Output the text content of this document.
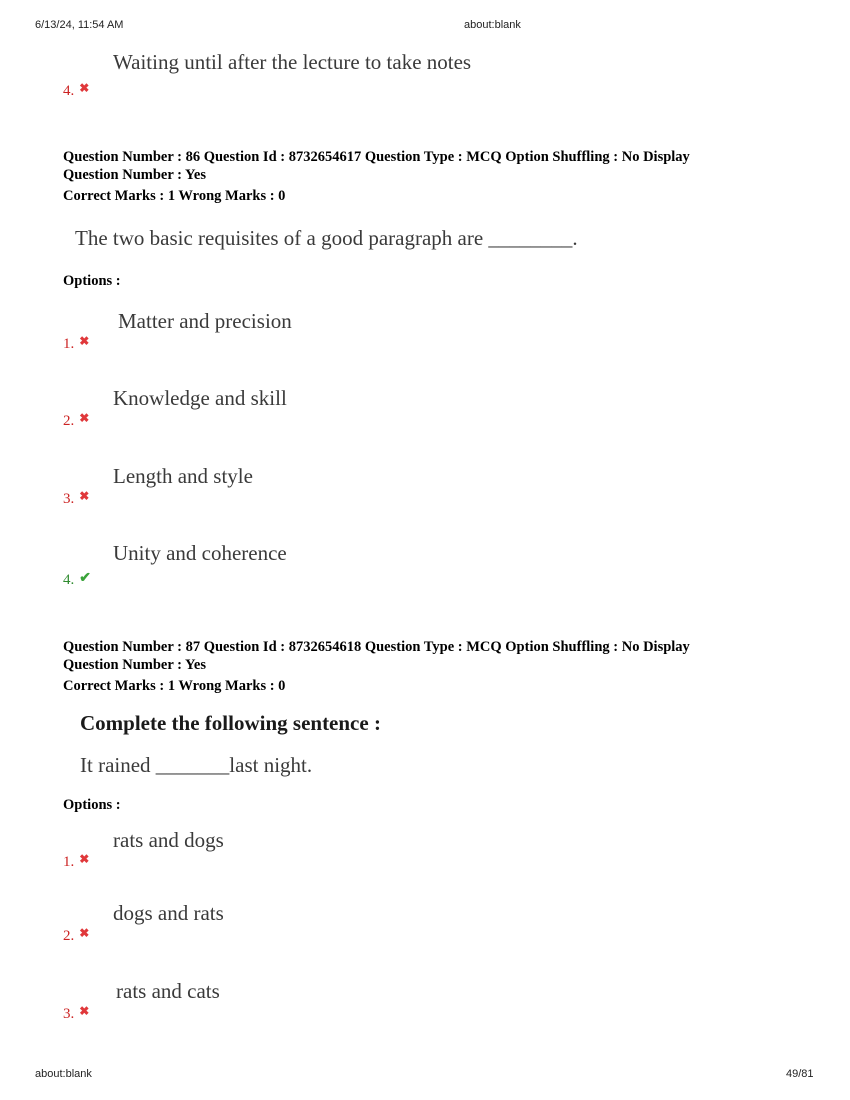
6/13/24, 11:54 AM	about:blank
Waiting until after the lecture to take notes
4. ✖
Question Number : 86 Question Id : 8732654617 Question Type : MCQ Option Shuffling : No Display
Question Number : Yes
Correct Marks : 1 Wrong Marks : 0
The two basic requisites of a good paragraph are ________.
Options :
Matter and precision
1. ✖
Knowledge and skill
2. ✖
Length and style
3. ✖
Unity and coherence
4. ✔
Question Number : 87 Question Id : 8732654618 Question Type : MCQ Option Shuffling : No Display
Question Number : Yes
Correct Marks : 1 Wrong Marks : 0
Complete the following sentence :
It rained _______last night.
Options :
rats and dogs
1. ✖
dogs and rats
2. ✖
rats and cats
3. ✖
about:blank	49/81
